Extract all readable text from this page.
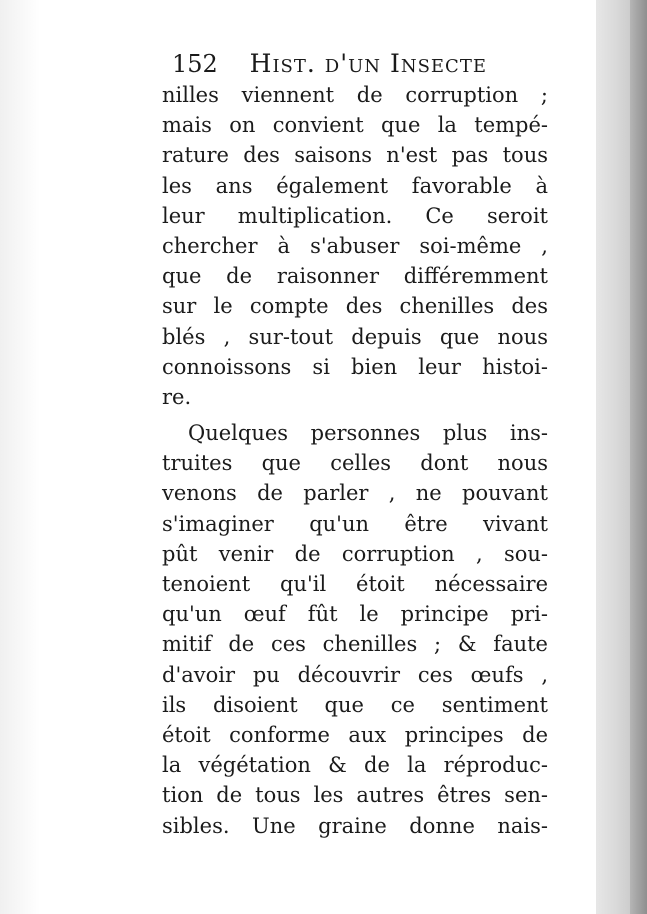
152 Hist. d'un Insecte
nilles viennent de corruption ;
mais on convient que la tempé-
rature des saisons n'est pas tous
les ans également favorable à
leur multiplication. Ce seroit
chercher à s'abuser soi-même ,
que de raisonner différemment
sur le compte des chenilles des
blés , sur-tout depuis que nous
connoissons si bien leur histoi-
re.
Quelques personnes plus ins-
truites que celles dont nous
venons de parler , ne pouvant
s'imaginer qu'un être vivant
pût venir de corruption , sou-
tenoient qu'il étoit nécessaire
qu'un œuf fût le principe pri-
mitif de ces chenilles ; & faute
d'avoir pu découvrir ces œufs ,
ils disoient que ce sentiment
étoit conforme aux principes de
la végétation & de la réproduc-
tion de tous les autres êtres sen-
sibles. Une graine donne nais-
